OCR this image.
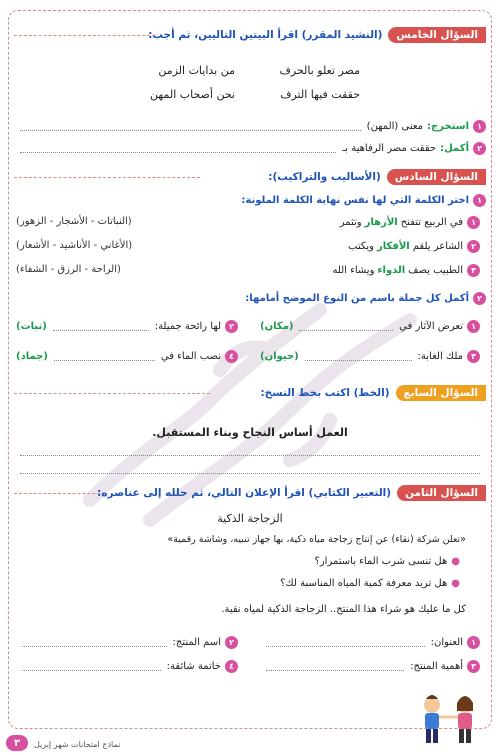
السؤال الخامس
(النشيد المقرر) اقرأ البيتين التاليين، ثم أجب:
مصر تعلو بالحرف
من بدايات الزمن
حققت فيها الترف
نحن أصحاب المهن
١
استخرج:
معنى (المهن)
٢
أكمل:
حققت مصر الرفاهية بـ
السؤال السادس
(الأساليب والتراكيب):
١
اختر الكلمة التي لها نفس نهاية الكلمة الملونة:
١
في الربيع تتفتح
الأزهار
وتثمر
(النباتات - الأشجار - الزهور)
٢
الشاعر يلقم
الأفكار
ويكتب
(الأغاني - الأناشيد - الأشعار)
٣
الطبيب يصف
الدواء
ويشاء الله
(الراحة - الرزق - الشفاء)
٢
أكمل كل جملة باسم من النوع الموضح أمامها:
١
تعرض الآثار في
(مكان)
٢
لها رائحة جميلة:
(نبات)
٣
ملك الغابة:
(حيوان)
٤
نصب الماء في
(جماد)
السؤال السابع
(الخط) اكتب بخط النسخ:
العمل أساس النجاح وبناء المستقبل.
السؤال الثامن
(التعبير الكتابي) اقرأ الإعلان التالي، ثم حلله إلى عناصره:
الزجاجة الذكية
«تعلن شركة (نقاء) عن إنتاج زجاجة مياه ذكية، بها جهاز تنبيه، وشاشة رقمية»
●
هل تنسى شرب الماء باستمرار؟
●
هل تريد معرفة كمية المياه المناسبة لك؟
كل ما عليك هو شراء هذا المنتج.. الزجاجة الذكية لمياه نقية.
١
العنوان:
٢
اسم المنتج:
٣
أهمية المنتج:
٤
خاتمة شائقة:
٣	نماذج امتحانات شهر إبريل
